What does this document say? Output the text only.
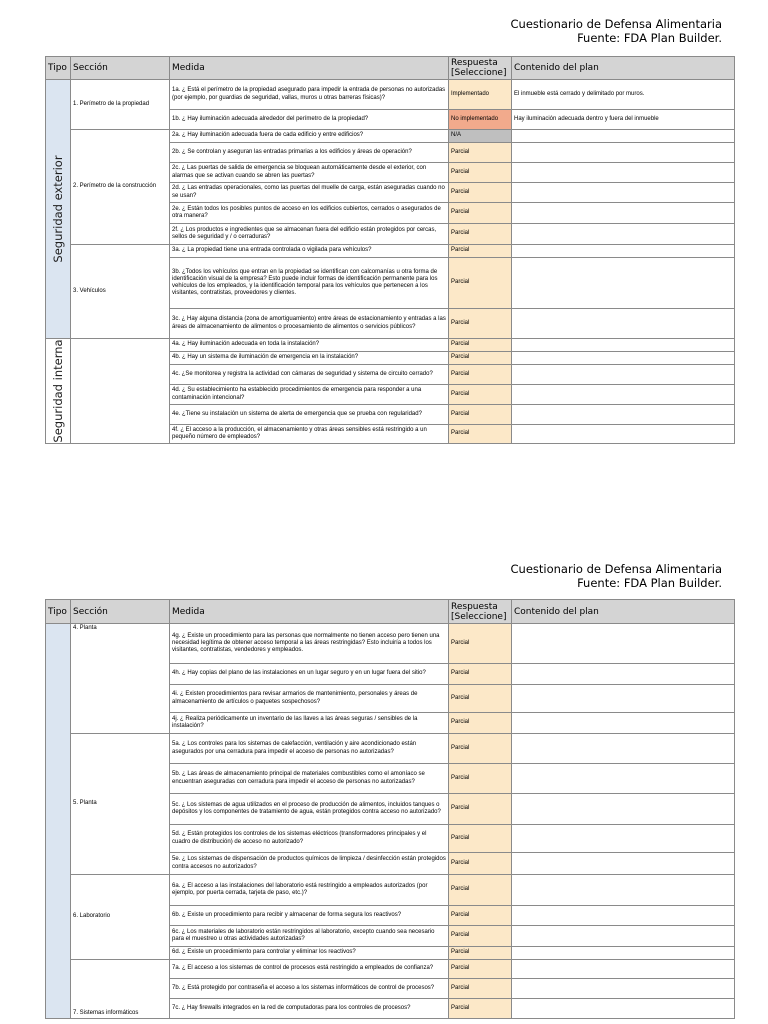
Cuestionario de Defensa Alimentaria
Fuente: FDA Plan Builder.
Tipo	Sección	Medida	Respuesta [Seleccione]	Contenido del plan

Seguridad exterior	1. Perímetro de la propiedad	1a. ¿ Está el perímetro de la propiedad asegurado para impedir la entrada de personas no autorizadas (por ejemplo, por guardias de seguridad, vallas, muros u otras barreras físicas)?	Implementado	El inmueble está cerrado y delimitado por muros.
		1b. ¿ Hay iluminación adecuada alrededor del perímetro de la propiedad?	No implementado	Hay iluminación adecuada dentro y fuera del inmueble
	2. Perímetro de la construcción	2a. ¿ Hay iluminación adecuada fuera de cada edificio y entre edificios?	N/A	
		2b. ¿ Se controlan y aseguran las entradas primarias a los edificios y áreas de operación?	Parcial	
		2c. ¿ Las puertas de salida de emergencia se bloquean automáticamente desde el exterior, con alarmas que se activan cuando se abren las puertas?	Parcial	
		2d. ¿ Las entradas operacionales, como las puertas del muelle de carga, están aseguradas cuando no se usan?	Parcial	
		2e. ¿ Están todos los posibles puntos de acceso en los edificios cubiertos, cerrados o asegurados de otra manera?	Parcial	
		2f. ¿ Los productos e ingredientes que se almacenan fuera del edificio están protegidos por cercas, sellos de seguridad y / o cerraduras?	Parcial	
	3. Vehículos	3a. ¿ La propiedad tiene una entrada controlada o vigilada para vehículos?	Parcial	
		3b. ¿Todos los vehículos que entran en la propiedad se identifican con calcomanías u otra forma de identificación visual de la empresa? Esto puede incluir formas de identificación permanente para los vehículos de los empleados, y la identificación temporal para los vehículos que pertenecen a los visitantes, contratistas, proveedores y clientes.	Parcial	
		3c. ¿ Hay alguna distancia (zona de amortiguamiento) entre áreas de estacionamiento y entradas a las áreas de almacenamiento de alimentos o procesamiento de alimentos o servicios públicos?	Parcial	

Seguridad interna		4a. ¿ Hay iluminación adecuada en toda la instalación?	Parcial	
		4b. ¿ Hay un sistema de iluminación de emergencia en la instalación?	Parcial	
		4c. ¿Se monitorea y registra la actividad con cámaras de seguridad y sistema de circuito cerrado?	Parcial	
		4d. ¿ Su establecimiento ha establecido procedimientos de emergencia para responder a una contaminación intencional?	Parcial	
		4e. ¿Tiene su instalación un sistema de alerta de emergencia que se prueba con regularidad?	Parcial	
		4f. ¿ El acceso a la producción, el almacenamiento y otras áreas sensibles está restringido a un pequeño número de empleados?	Parcial	
Cuestionario de Defensa Alimentaria
Fuente: FDA Plan Builder.
Tipo	Sección	Medida	Respuesta [Seleccione]	Contenido del plan
	4. Planta	4g. ¿ Existe un procedimiento para las personas que normalmente no tienen acceso pero tienen una necesidad legítima de obtener acceso temporal a las áreas restringidas? Esto incluiría a todos los visitantes, contratistas, vendedores y empleados.	Parcial	
		4h. ¿ Hay copias del plano de las instalaciones en un lugar seguro y en un lugar fuera del sitio?	Parcial	
		4i. ¿ Existen procedimientos para revisar armarios de mantenimiento, personales y áreas de almacenamiento de artículos o paquetes sospechosos?	Parcial	
		4j. ¿ Realiza periódicamente un inventario de las llaves a las áreas seguras / sensibles de la instalación?	Parcial	
	5. Planta	5a. ¿ Los controles para los sistemas de calefacción, ventilación y aire acondicionado están asegurados por una cerradura para impedir el acceso de personas no autorizadas?	Parcial	
		5b. ¿ Las áreas de almacenamiento principal de materiales combustibles como el amoníaco se encuentran aseguradas con cerradura para impedir el acceso de personas no autorizadas?	Parcial	
		5c. ¿ Los sistemas de agua utilizados en el proceso de producción de alimentos, incluidos tanques o depósitos y los componentes de tratamiento de agua, están protegidos contra acceso no autorizado?	Parcial	
		5d. ¿ Están protegidos los controles de los sistemas eléctricos (transformadores principales y el cuadro de distribución) de acceso no autorizado?	Parcial	
		5e. ¿ Los sistemas de dispensación de productos químicos de limpieza / desinfección están protegidos contra accesos no autorizados?	Parcial	
	6. Laboratorio	6a. ¿ El acceso a las instalaciones del laboratorio está restringido a empleados autorizados (por ejemplo, por puerta cerrada, tarjeta de paso, etc.)?	Parcial	
		6b. ¿ Existe un procedimiento para recibir y almacenar de forma segura los reactivos?	Parcial	
		6c. ¿ Los materiales de laboratorio están restringidos al laboratorio, excepto cuando sea necesario para el muestreo u otras actividades autorizadas?	Parcial	
		6d. ¿ Existe un procedimiento para controlar y eliminar los reactivos?	Parcial	
	7. Sistemas informáticos	7a. ¿ El acceso a los sistemas de control de procesos está restringido a empleados de confianza?	Parcial	
		7b. ¿ Está protegido por contraseña el acceso a los sistemas informáticos de control de procesos?	Parcial	
		7c. ¿ Hay firewalls integrados en la red de computadoras para los controles de procesos?	Parcial	
